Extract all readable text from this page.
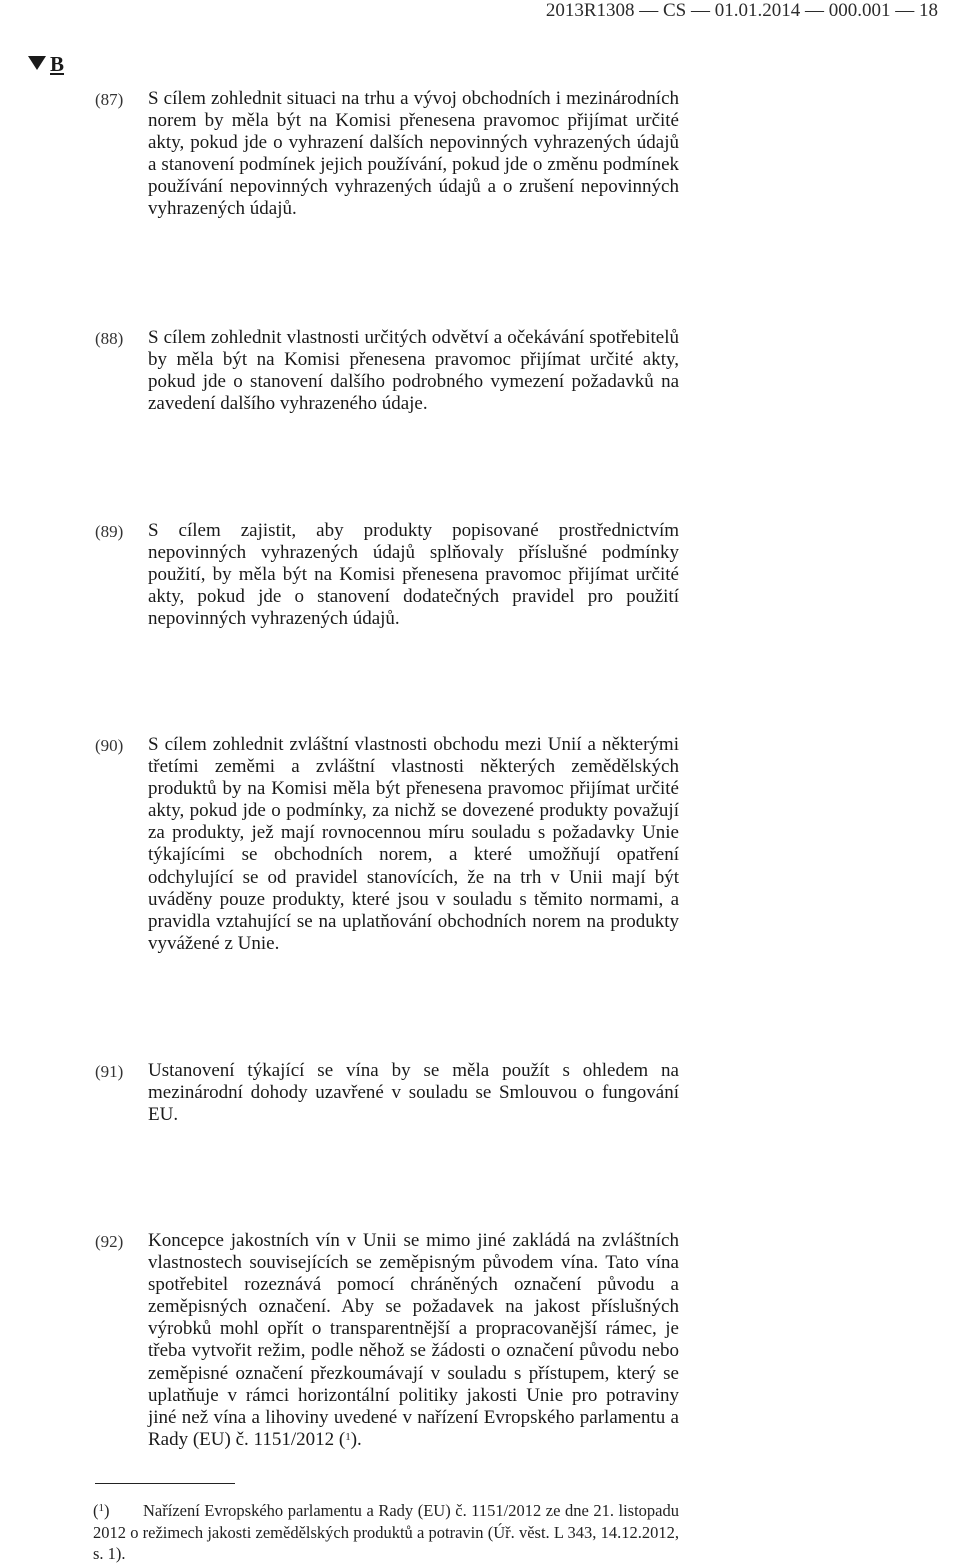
2013R1308 — CS — 01.01.2014 — 000.001 — 18
B
(87) S cílem zohlednit situaci na trhu a vývoj obchodních i mezinárodních norem by měla být na Komisi přenesena pravomoc přijímat určité akty, pokud jde o vyhrazení dalších nepovinných vyhrazených údajů a stanovení podmínek jejich používání, pokud jde o změnu podmínek používání nepovinných vyhrazených údajů a o zrušení nepovinných vyhrazených údajů.

(88) S cílem zohlednit vlastnosti určitých odvětví a očekávání spotřebitelů by měla být na Komisi přenesena pravomoc přijímat určité akty, pokud jde o stanovení dalšího podrobného vymezení požadavků na zavedení dalšího vyhrazeného údaje.

(89) S cílem zajistit, aby produkty popisované prostřednictvím nepovinných vyhrazených údajů splňovaly příslušné podmínky použití, by měla být na Komisi přenesena pravomoc přijímat určité akty, pokud jde o stanovení dodatečných pravidel pro použití nepovinných vyhrazených údajů.

(90) S cílem zohlednit zvláštní vlastnosti obchodu mezi Unií a některými třetími zeměmi a zvláštní vlastnosti některých zemědělských produktů by na Komisi měla být přenesena pravomoc přijímat určité akty, pokud jde o podmínky, za nichž se dovezené produkty považují za produkty, jež mají rovnocennou míru souladu s požadavky Unie týkajícími se obchodních norem, a které umožňují opatření odchylující se od pravidel stanovících, že na trh v Unii mají být uváděny pouze produkty, které jsou v souladu s těmito normami, a pravidla vztahující se na uplatňování obchodních norem na produkty vyvážené z Unie.

(91) Ustanovení týkající se vína by se měla použít s ohledem na mezinárodní dohody uzavřené v souladu se Smlouvou o fungování EU.

(92) Koncepce jakostních vín v Unii se mimo jiné zakládá na zvláštních vlastnostech souvisejících se zeměpisným původem vína. Tato vína spotřebitel rozeznává pomocí chráněných označení původu a zeměpisných označení. Aby se požadavek na jakost příslušných výrobků mohl opřít o transparentnější a propracovanější rámec, je třeba vytvořit režim, podle něhož se žádosti o označení původu nebo zeměpisné označení přezkoumávají v souladu s přístupem, který se uplatňuje v rámci horizontální politiky jakosti Unie pro potraviny jiné než vína a lihoviny uvedené v nařízení Evropského parlamentu a Rady (EU) č. 1151/2012 ($^1$).

($^1$) Nařízení Evropského parlamentu a Rady (EU) č. 1151/2012 ze dne 21. listopadu 2012 o režimech jakosti zemědělských produktů a potravin (Úř. věst. L 343, 14.12.2012, s. 1).
